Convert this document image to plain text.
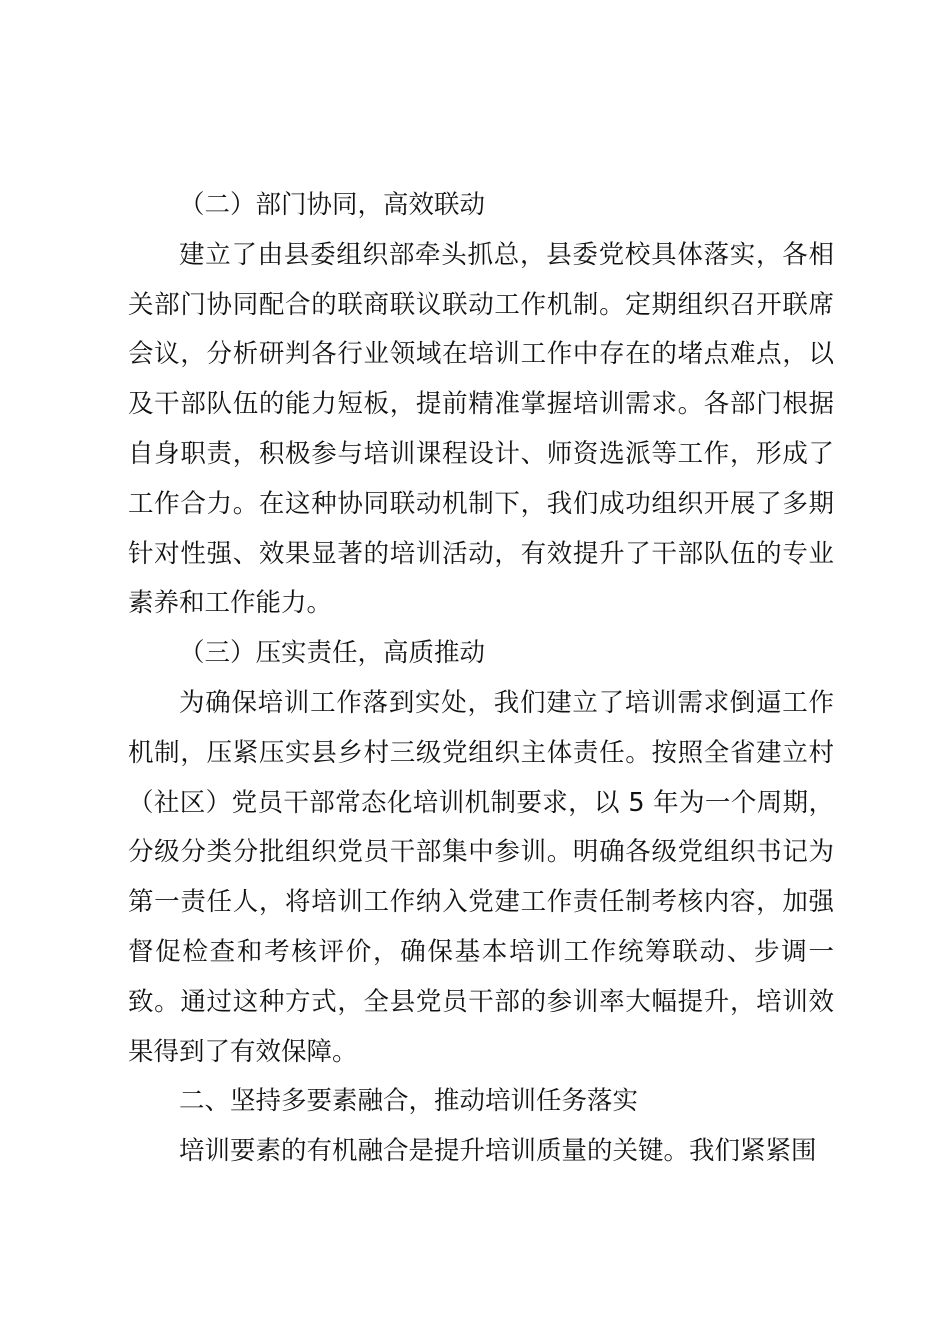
（二）部门协同，高效联动

建立了由县委组织部牵头抓总，县委党校具体落实，各相关部门协同配合的联商联议联动工作机制。定期组织召开联席会议，分析研判各行业领域在培训工作中存在的堵点难点，以及干部队伍的能力短板，提前精准掌握培训需求。各部门根据自身职责，积极参与培训课程设计、师资选派等工作，形成了工作合力。在这种协同联动机制下，我们成功组织开展了多期针对性强、效果显著的培训活动，有效提升了干部队伍的专业素养和工作能力。

（三）压实责任，高质推动

为确保培训工作落到实处，我们建立了培训需求倒逼工作机制，压紧压实县乡村三级党组织主体责任。按照全省建立村（社区）党员干部常态化培训机制要求，以 5 年为一个周期，分级分类分批组织党员干部集中参训。明确各级党组织书记为第一责任人，将培训工作纳入党建工作责任制考核内容，加强督促检查和考核评价，确保基本培训工作统筹联动、步调一致。通过这种方式，全县党员干部的参训率大幅提升，培训效果得到了有效保障。

二、坚持多要素融合，推动培训任务落实

培训要素的有机融合是提升培训质量的关键。我们紧紧围
